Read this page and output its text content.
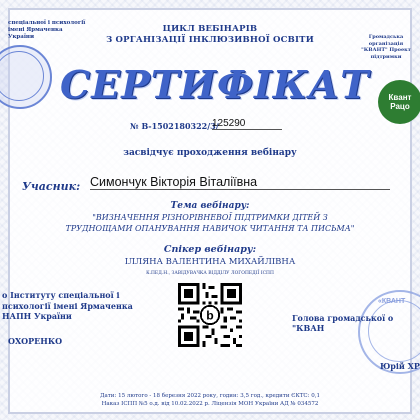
спеціальної і психології імені Ярмаченка України	Громадська організація "КВАНТ" Проект підтримки
Квант Рацо
ЦИКЛ ВЕБІНАРІВ
З ОРГАНІЗАЦІЇ ІНКЛЮЗИВНОЇ ОСВІТИ
СЕРТИФІКАТ
№ В-1502180322/3/
125290
засвідчує проходження вебінару
Учасник: Симончук Вікторія Віталіївна
Тема вебінару:
"ВИЗНАЧЕННЯ РІЗНОРІВНЕВОЇ ПІДТРИМКИ ДІТЕЙ З ТРУДНОЩАМИ ОПАНУВАННЯ НАВИЧОК ЧИТАННЯ ТА ПИСЬМА"
Спікер вебінару:
ІЛЛЯНА ВАЛЕНТИНА МИХАЙЛІВНА
К.ПЕД.Н., ЗАВІДУВАЧКА ВІДДІЛУ ЛОГОПЕДІЇ ІСПП
b
о Інституту спеціальної і психології імені Ярмаченка НАПН України
ОХОРЕНКО
«КВАНТ
Голова громадської о "КВАН
Юрій ХР
Дати: 15 лютого - 18 березня 2022 року, годин: 3,5 год., кредити ЄКТС: 0,1
Наказ ІСПП №5 о.д. від 10.02.2022 р. Ліцензія МОН України АД № 034572
